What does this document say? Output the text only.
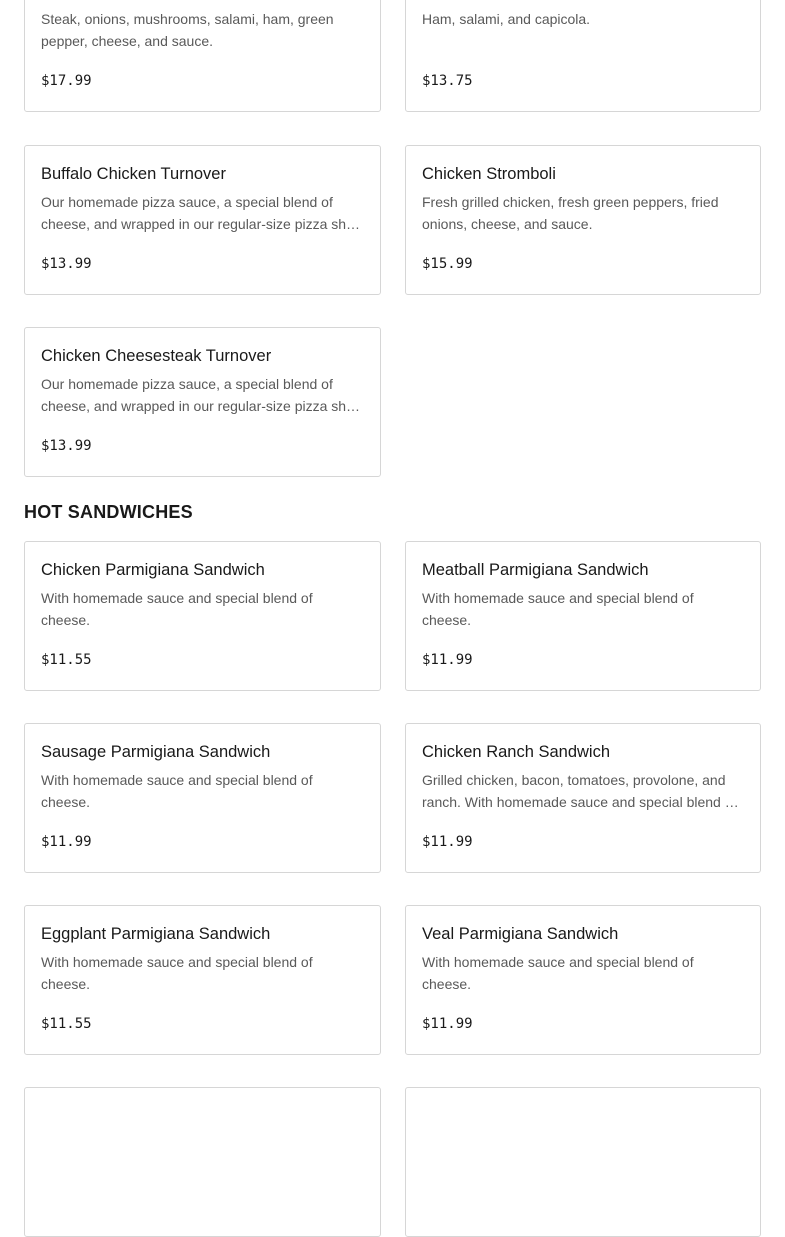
Steak, onions, mushrooms, salami, ham, green pepper, cheese, and sauce.
$17.99
Ham, salami, and capicola.
$13.75
Buffalo Chicken Turnover
Our homemade pizza sauce, a special blend of cheese, and wrapped in our regular-size pizza sh…
$13.99
Chicken Stromboli
Fresh grilled chicken, fresh green peppers, fried onions, cheese, and sauce.
$15.99
Chicken Cheesesteak Turnover
Our homemade pizza sauce, a special blend of cheese, and wrapped in our regular-size pizza sh…
$13.99
HOT SANDWICHES
Chicken Parmigiana Sandwich
With homemade sauce and special blend of cheese.
$11.55
Meatball Parmigiana Sandwich
With homemade sauce and special blend of cheese.
$11.99
Sausage Parmigiana Sandwich
With homemade sauce and special blend of cheese.
$11.99
Chicken Ranch Sandwich
Grilled chicken, bacon, tomatoes, provolone, and ranch. With homemade sauce and special blend …
$11.99
Eggplant Parmigiana Sandwich
With homemade sauce and special blend of cheese.
$11.55
Veal Parmigiana Sandwich
With homemade sauce and special blend of cheese.
$11.99
